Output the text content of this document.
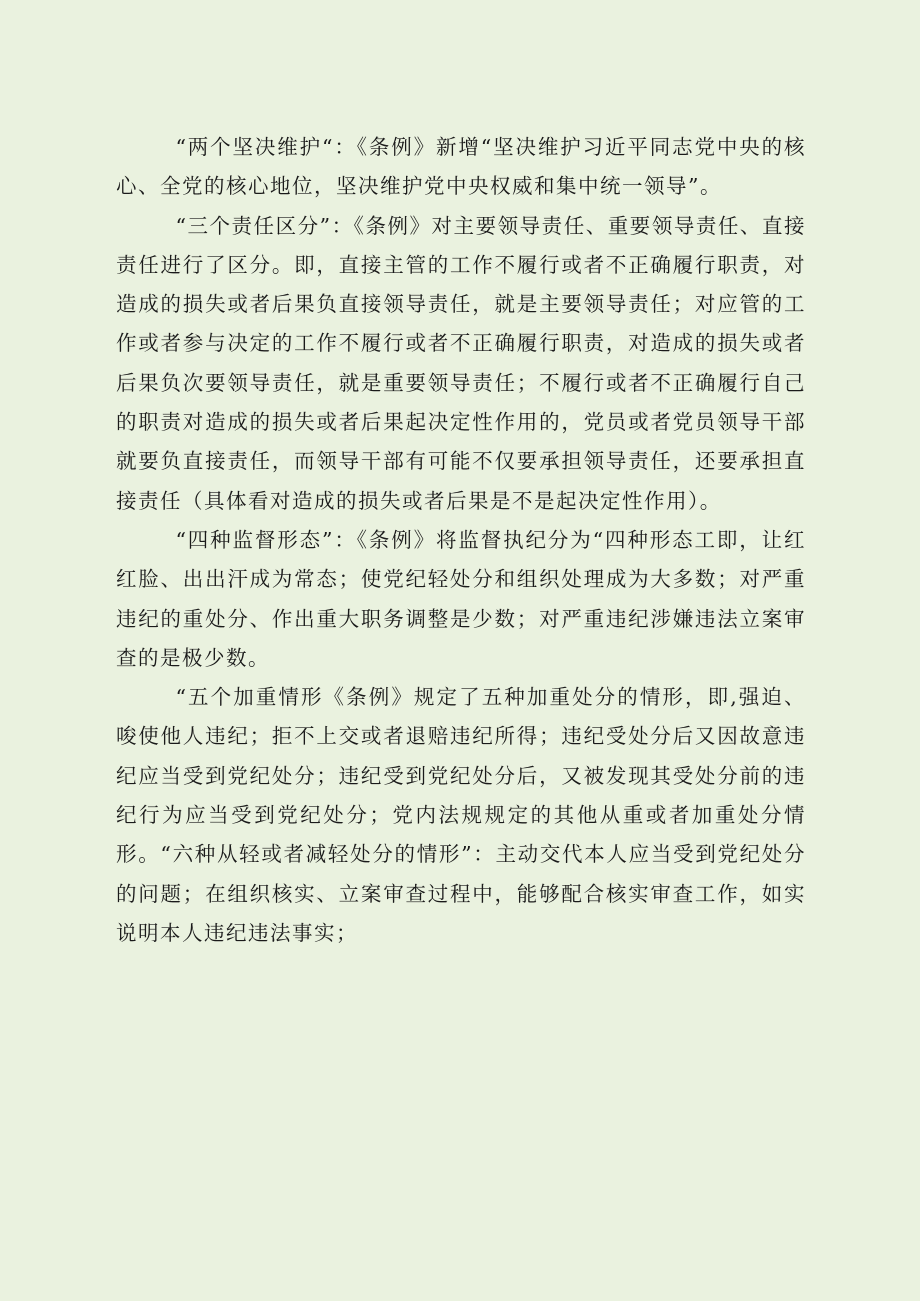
“两个坚决维护“：《条例》新增“坚决维护习近平同志党中央的核心、全党的核心地位，坚决维护党中央权威和集中统一领导”。

“三个责任区分”：《条例》对主要领导责任、重要领导责任、直接责任进行了区分。即，直接主管的工作不履行或者不正确履行职责，对造成的损失或者后果负直接领导责任，就是主要领导责任；对应管的工作或者参与决定的工作不履行或者不正确履行职责，对造成的损失或者后果负次要领导责任，就是重要领导责任；不履行或者不正确履行自己的职责对造成的损失或者后果起决定性作用的，党员或者党员领导干部就要负直接责任，而领导干部有可能不仅要承担领导责任，还要承担直接责任（具体看对造成的损失或者后果是不是起决定性作用）。

“四种监督形态”：《条例》将监督执纪分为“四种形态工即，让红红脸、出出汗成为常态；使党纪轻处分和组织处理成为大多数；对严重违纪的重处分、作出重大职务调整是少数；对严重违纪涉嫌违法立案审查的是极少数。

“五个加重情形《条例》规定了五种加重处分的情形，即,强迫、唆使他人违纪；拒不上交或者退赔违纪所得；违纪受处分后又因故意违纪应当受到党纪处分；违纪受到党纪处分后，又被发现其受处分前的违纪行为应当受到党纪处分；党内法规规定的其他从重或者加重处分情形。“六种从轻或者减轻处分的情形”：主动交代本人应当受到党纪处分的问题；在组织核实、立案审查过程中，能够配合核实审查工作，如实说明本人违纪违法事实；
